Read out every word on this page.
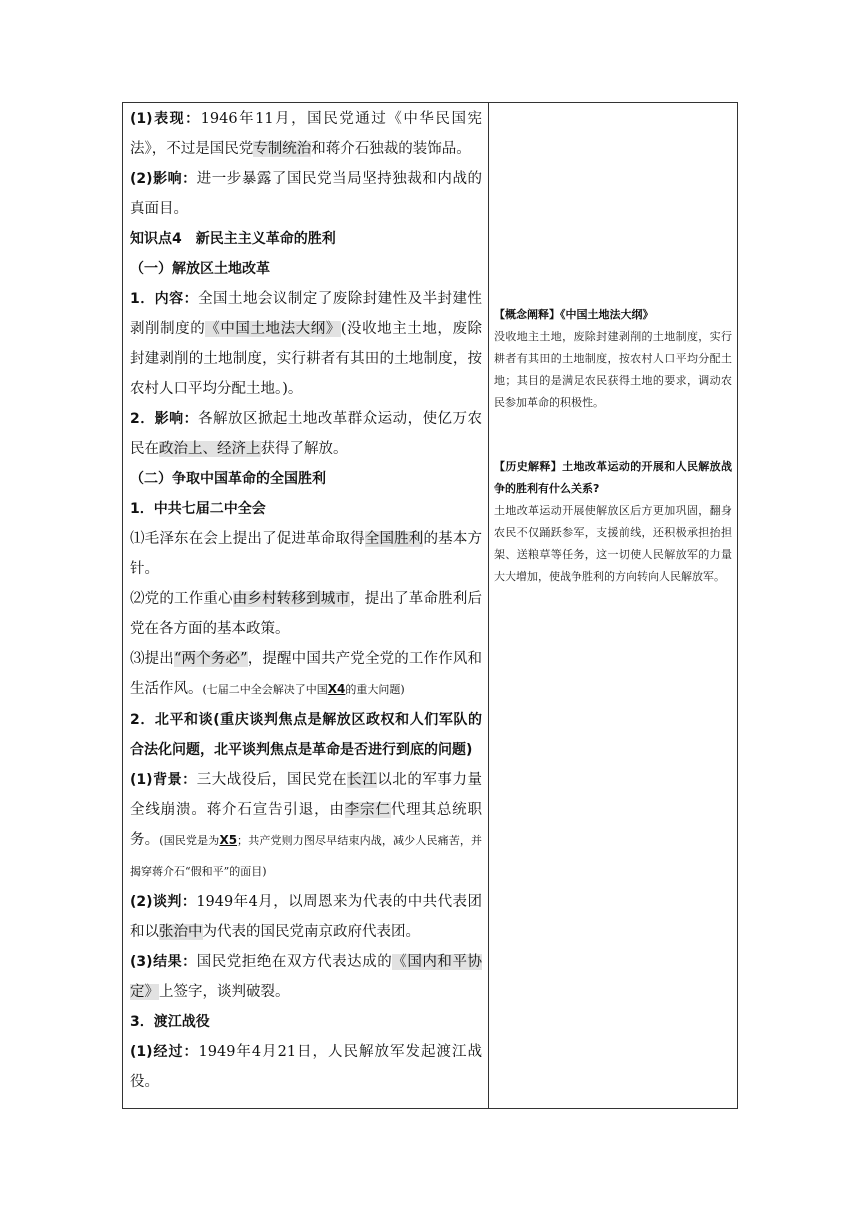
(1)表现：1946年11月，国民党通过《中华民国宪法》，不过是国民党专制统治和蒋介石独裁的装饰品。

(2)影响：进一步暴露了国民党当局坚持独裁和内战的真面目。

知识点4　新民主主义革命的胜利

（一）解放区土地改革

1．内容：全国土地会议制定了废除封建性及半封建性剥削制度的《中国土地法大纲》(没收地主土地，废除封建剥削的土地制度，实行耕者有其田的土地制度，按农村人口平均分配土地。)。

2．影响：各解放区掀起土地改革群众运动，使亿万农民在政治上、经济上获得了解放。

（二）争取中国革命的全国胜利

1．中共七届二中全会

⑴毛泽东在会上提出了促进革命取得全国胜利的基本方针。

⑵党的工作重心由乡村转移到城市，提出了革命胜利后党在各方面的基本政策。

⑶提出“两个务必”，提醒中国共产党全党的工作作风和生活作风。(七届二中全会解决了中国X4的重大问题)

2．北平和谈(重庆谈判焦点是解放区政权和人们军队的合法化问题，北平谈判焦点是革命是否进行到底的问题)

(1)背景：三大战役后，国民党在长江以北的军事力量全线崩溃。蒋介石宣告引退，由李宗仁代理其总统职务。(国民党是为X5；共产党则力图尽早结束内战，减少人民痛苦，并揭穿蒋介石“假和平”的面目)

(2)谈判：1949年4月，以周恩来为代表的中共代表团和以张治中为代表的国民党南京政府代表团。

(3)结果：国民党拒绝在双方代表达成的《国内和平协定》上签字，谈判破裂。

3．渡江战役

(1)经过：1949年4月21日，人民解放军发起渡江战役。

【概念阐释】《中国土地法大纲》

没收地主土地，废除封建剥削的土地制度，实行耕者有其田的土地制度，按农村人口平均分配土地；其目的是满足农民获得土地的要求，调动农民参加革命的积极性。

【历史解释】土地改革运动的开展和人民解放战争的胜利有什么关系?

土地改革运动开展使解放区后方更加巩固，翻身农民不仅踊跃参军，支援前线，还积极承担抬担架、送粮草等任务，这一切使人民解放军的力量大大增加，使战争胜利的方向转向人民解放军。
